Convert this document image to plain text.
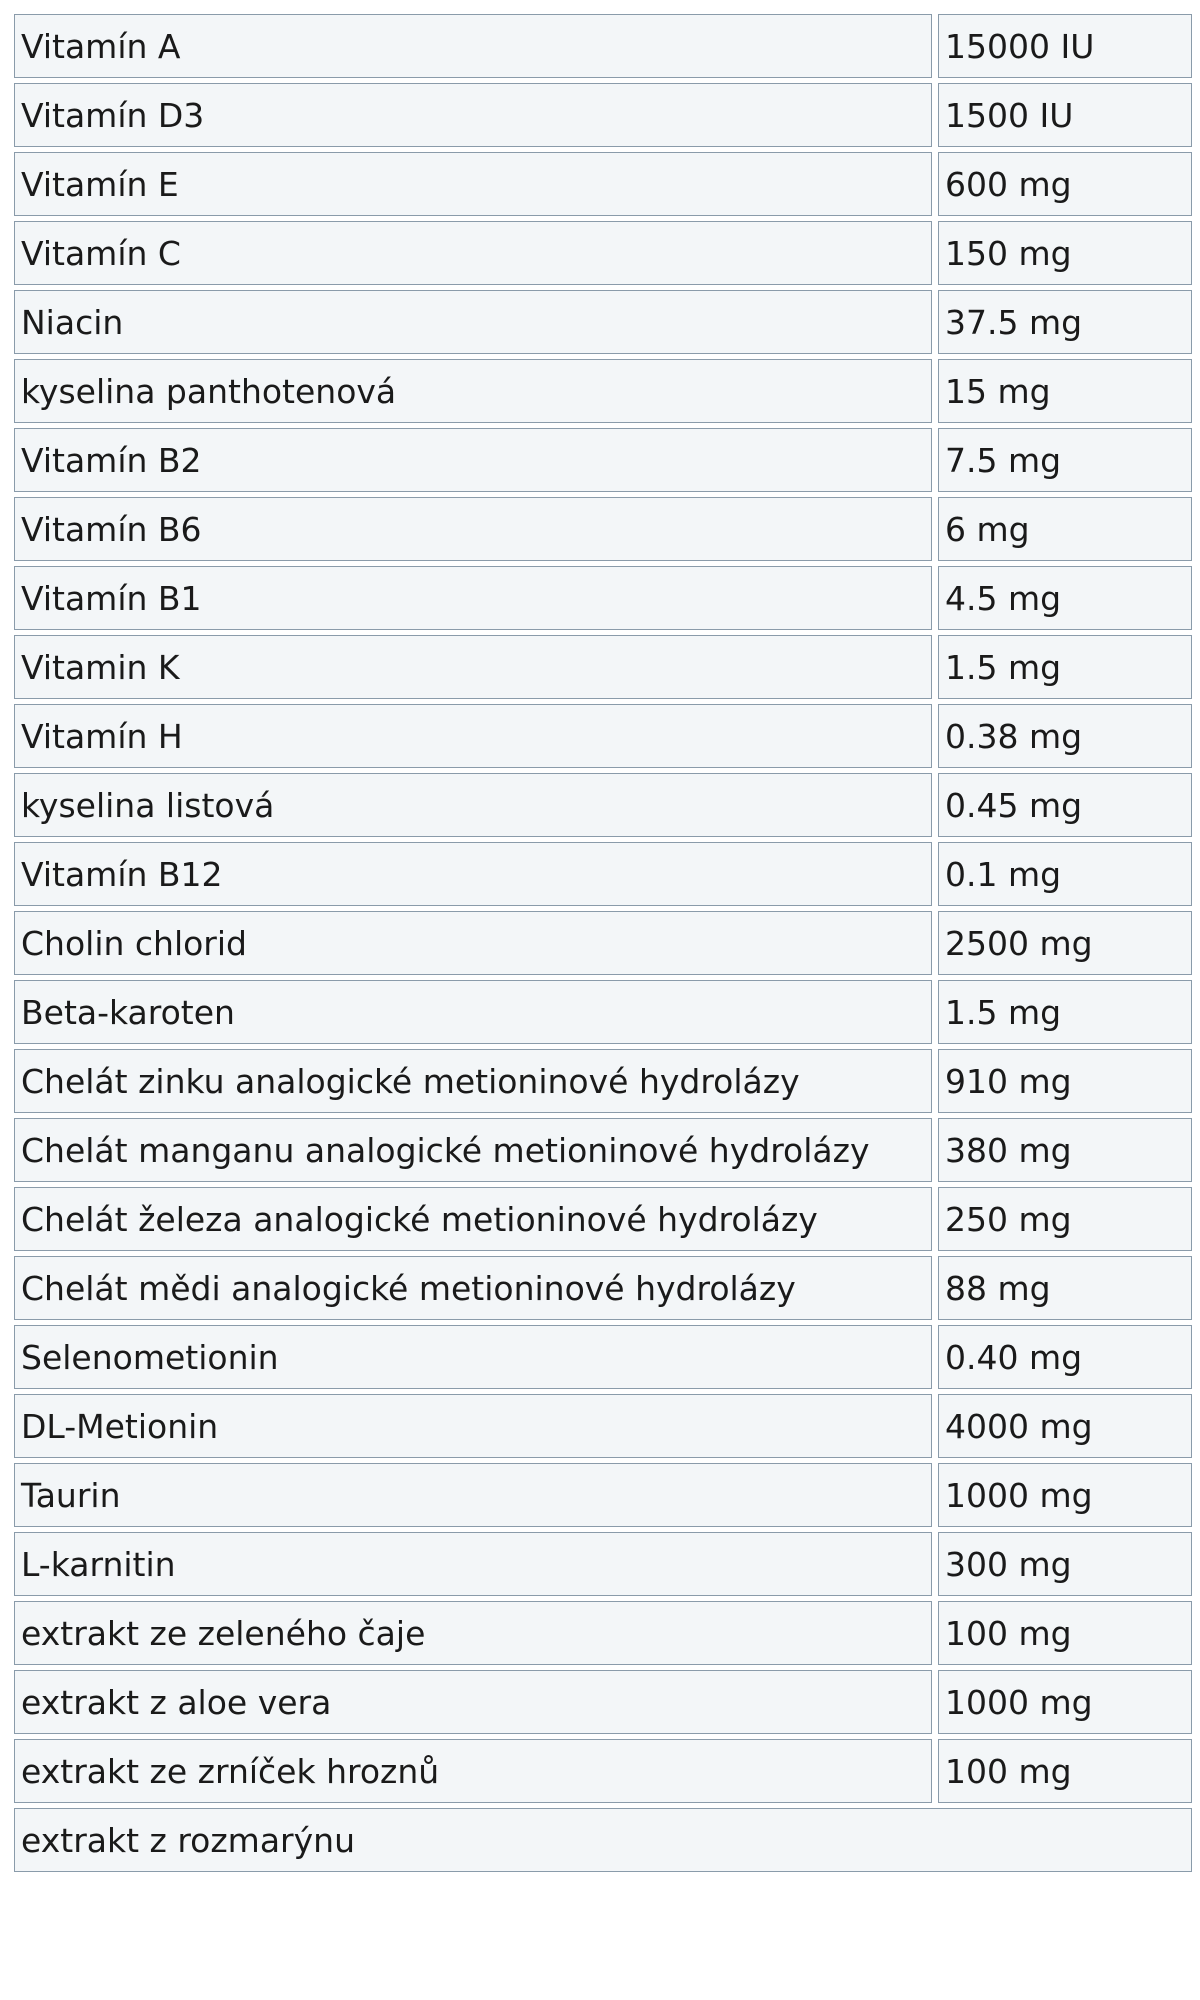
Vitamín A		15000 IU
Vitamín D3		1500 IU
Vitamín E		600 mg
Vitamín C		150 mg
Niacin		37.5 mg
kyselina panthotenová		15 mg
Vitamín B2		7.5 mg
Vitamín B6		6 mg
Vitamín B1		4.5 mg
Vitamin K		1.5 mg
Vitamín H		0.38 mg
kyselina listová		0.45 mg
Vitamín B12		0.1 mg
Cholin chlorid		2500 mg
Beta-karoten		1.5 mg
Chelát zinku analogické metioninové hydrolázy		910 mg
Chelát manganu analogické metioninové hydrolázy		380 mg
Chelát železa analogické metioninové hydrolázy		250 mg
Chelát mědi analogické metioninové hydrolázy		88 mg
Selenometionin		0.40 mg
DL-Metionin		4000 mg
Taurin		1000 mg
L-karnitin		300 mg
extrakt ze zeleného čaje		100 mg
extrakt z aloe vera		1000 mg
extrakt ze zrníček hroznů		100 mg
extrakt z rozmarýnu		
